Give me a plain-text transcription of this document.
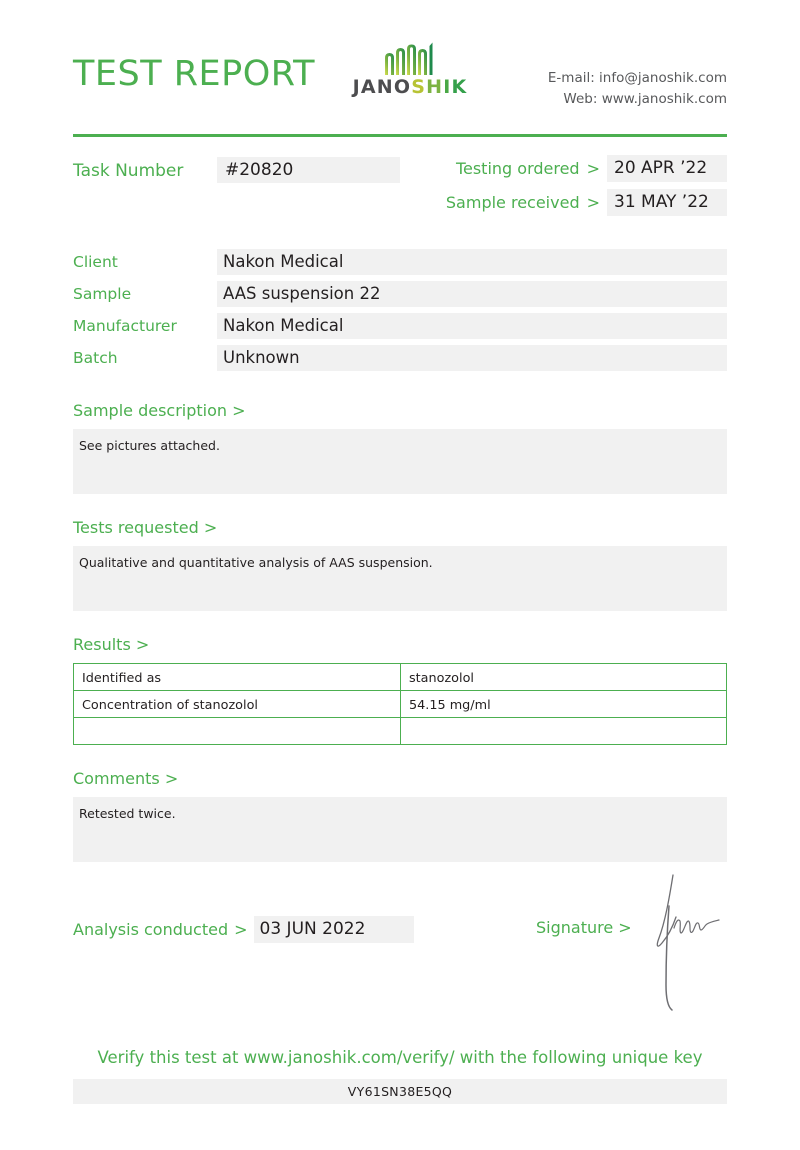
TEST REPORT	JANOSHIK	E-mail: info@janoshik.com
Web: www.janoshik.com
Task Number	#20820	Testing ordered > 20 APR ’22
Sample received > 31 MAY ’22
Client	Nakon Medical
Sample	AAS suspension 22
Manufacturer	Nakon Medical
Batch	Unknown
Sample description >
See pictures attached.
Tests requested >
Qualitative and quantitative analysis of AAS suspension.
Results >
Identified as	stanozolol
Concentration of stanozolol	54.15 mg/ml

Comments >
Retested twice.
Analysis conducted > 03 JUN 2022	Signature >
Verify this test at www.janoshik.com/verify/ with the following unique key
VY61SN38E5QQ
